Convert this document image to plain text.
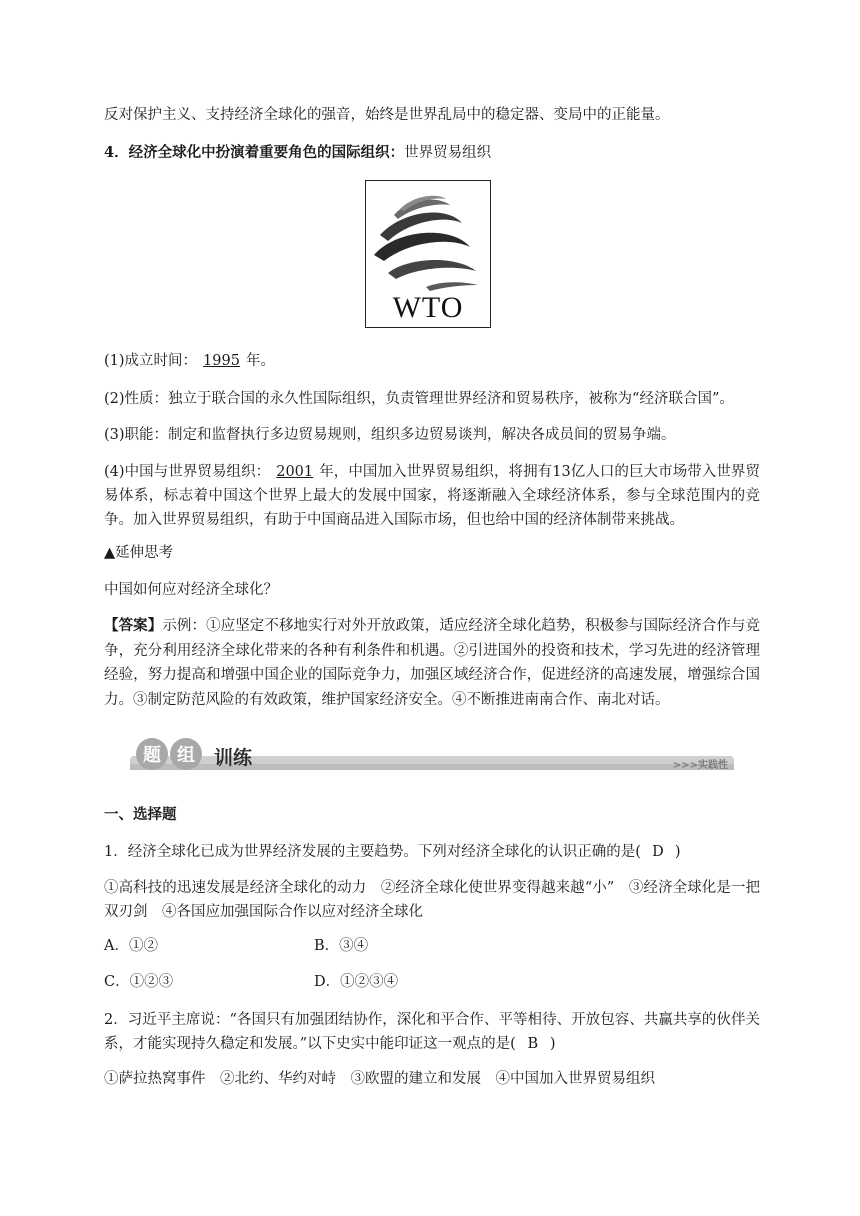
反对保护主义、支持经济全球化的强音，始终是世界乱局中的稳定器、变局中的正能量。
4．经济全球化中扮演着重要角色的国际组织：世界贸易组织
WTO
(1)成立时间： 1995 年。
(2)性质：独立于联合国的永久性国际组织，负责管理世界经济和贸易秩序，被称为“经济联合国”。
(3)职能：制定和监督执行多边贸易规则，组织多边贸易谈判，解决各成员间的贸易争端。
(4)中国与世界贸易组织： 2001 年，中国加入世界贸易组织，将拥有13亿人口的巨大市场带入世界贸易体系，标志着中国这个世界上最大的发展中国家，将逐渐融入全球经济体系，参与全球范围内的竞争。加入世界贸易组织，有助于中国商品进入国际市场，但也给中国的经济体制带来挑战。
▲延伸思考
中国如何应对经济全球化？
【答案】示例：①应坚定不移地实行对外开放政策，适应经济全球化趋势，积极参与国际经济合作与竞争，充分利用经济全球化带来的各种有利条件和机遇。②引进国外的投资和技术，学习先进的经济管理经验，努力提高和增强中国企业的国际竞争力，加强区域经济合作，促进经济的高速发展，增强综合国力。③制定防范风险的有效政策，维护国家经济安全。④不断推进南南合作、南北对话。
题 组 训练	>>>实践性
一、选择题
1．经济全球化已成为世界经济发展的主要趋势。下列对经济全球化的认识正确的是( D )
①高科技的迅速发展是经济全球化的动力　②经济全球化使世界变得越来越“小”　③经济全球化是一把双刃剑　④各国应加强国际合作以应对经济全球化
A．①②	B．③④
C．①②③	D．①②③④
2．习近平主席说：“各国只有加强团结协作，深化和平合作、平等相待、开放包容、共赢共享的伙伴关系，才能实现持久稳定和发展。”以下史实中能印证这一观点的是( B )
①萨拉热窝事件　②北约、华约对峙　③欧盟的建立和发展　④中国加入世界贸易组织
